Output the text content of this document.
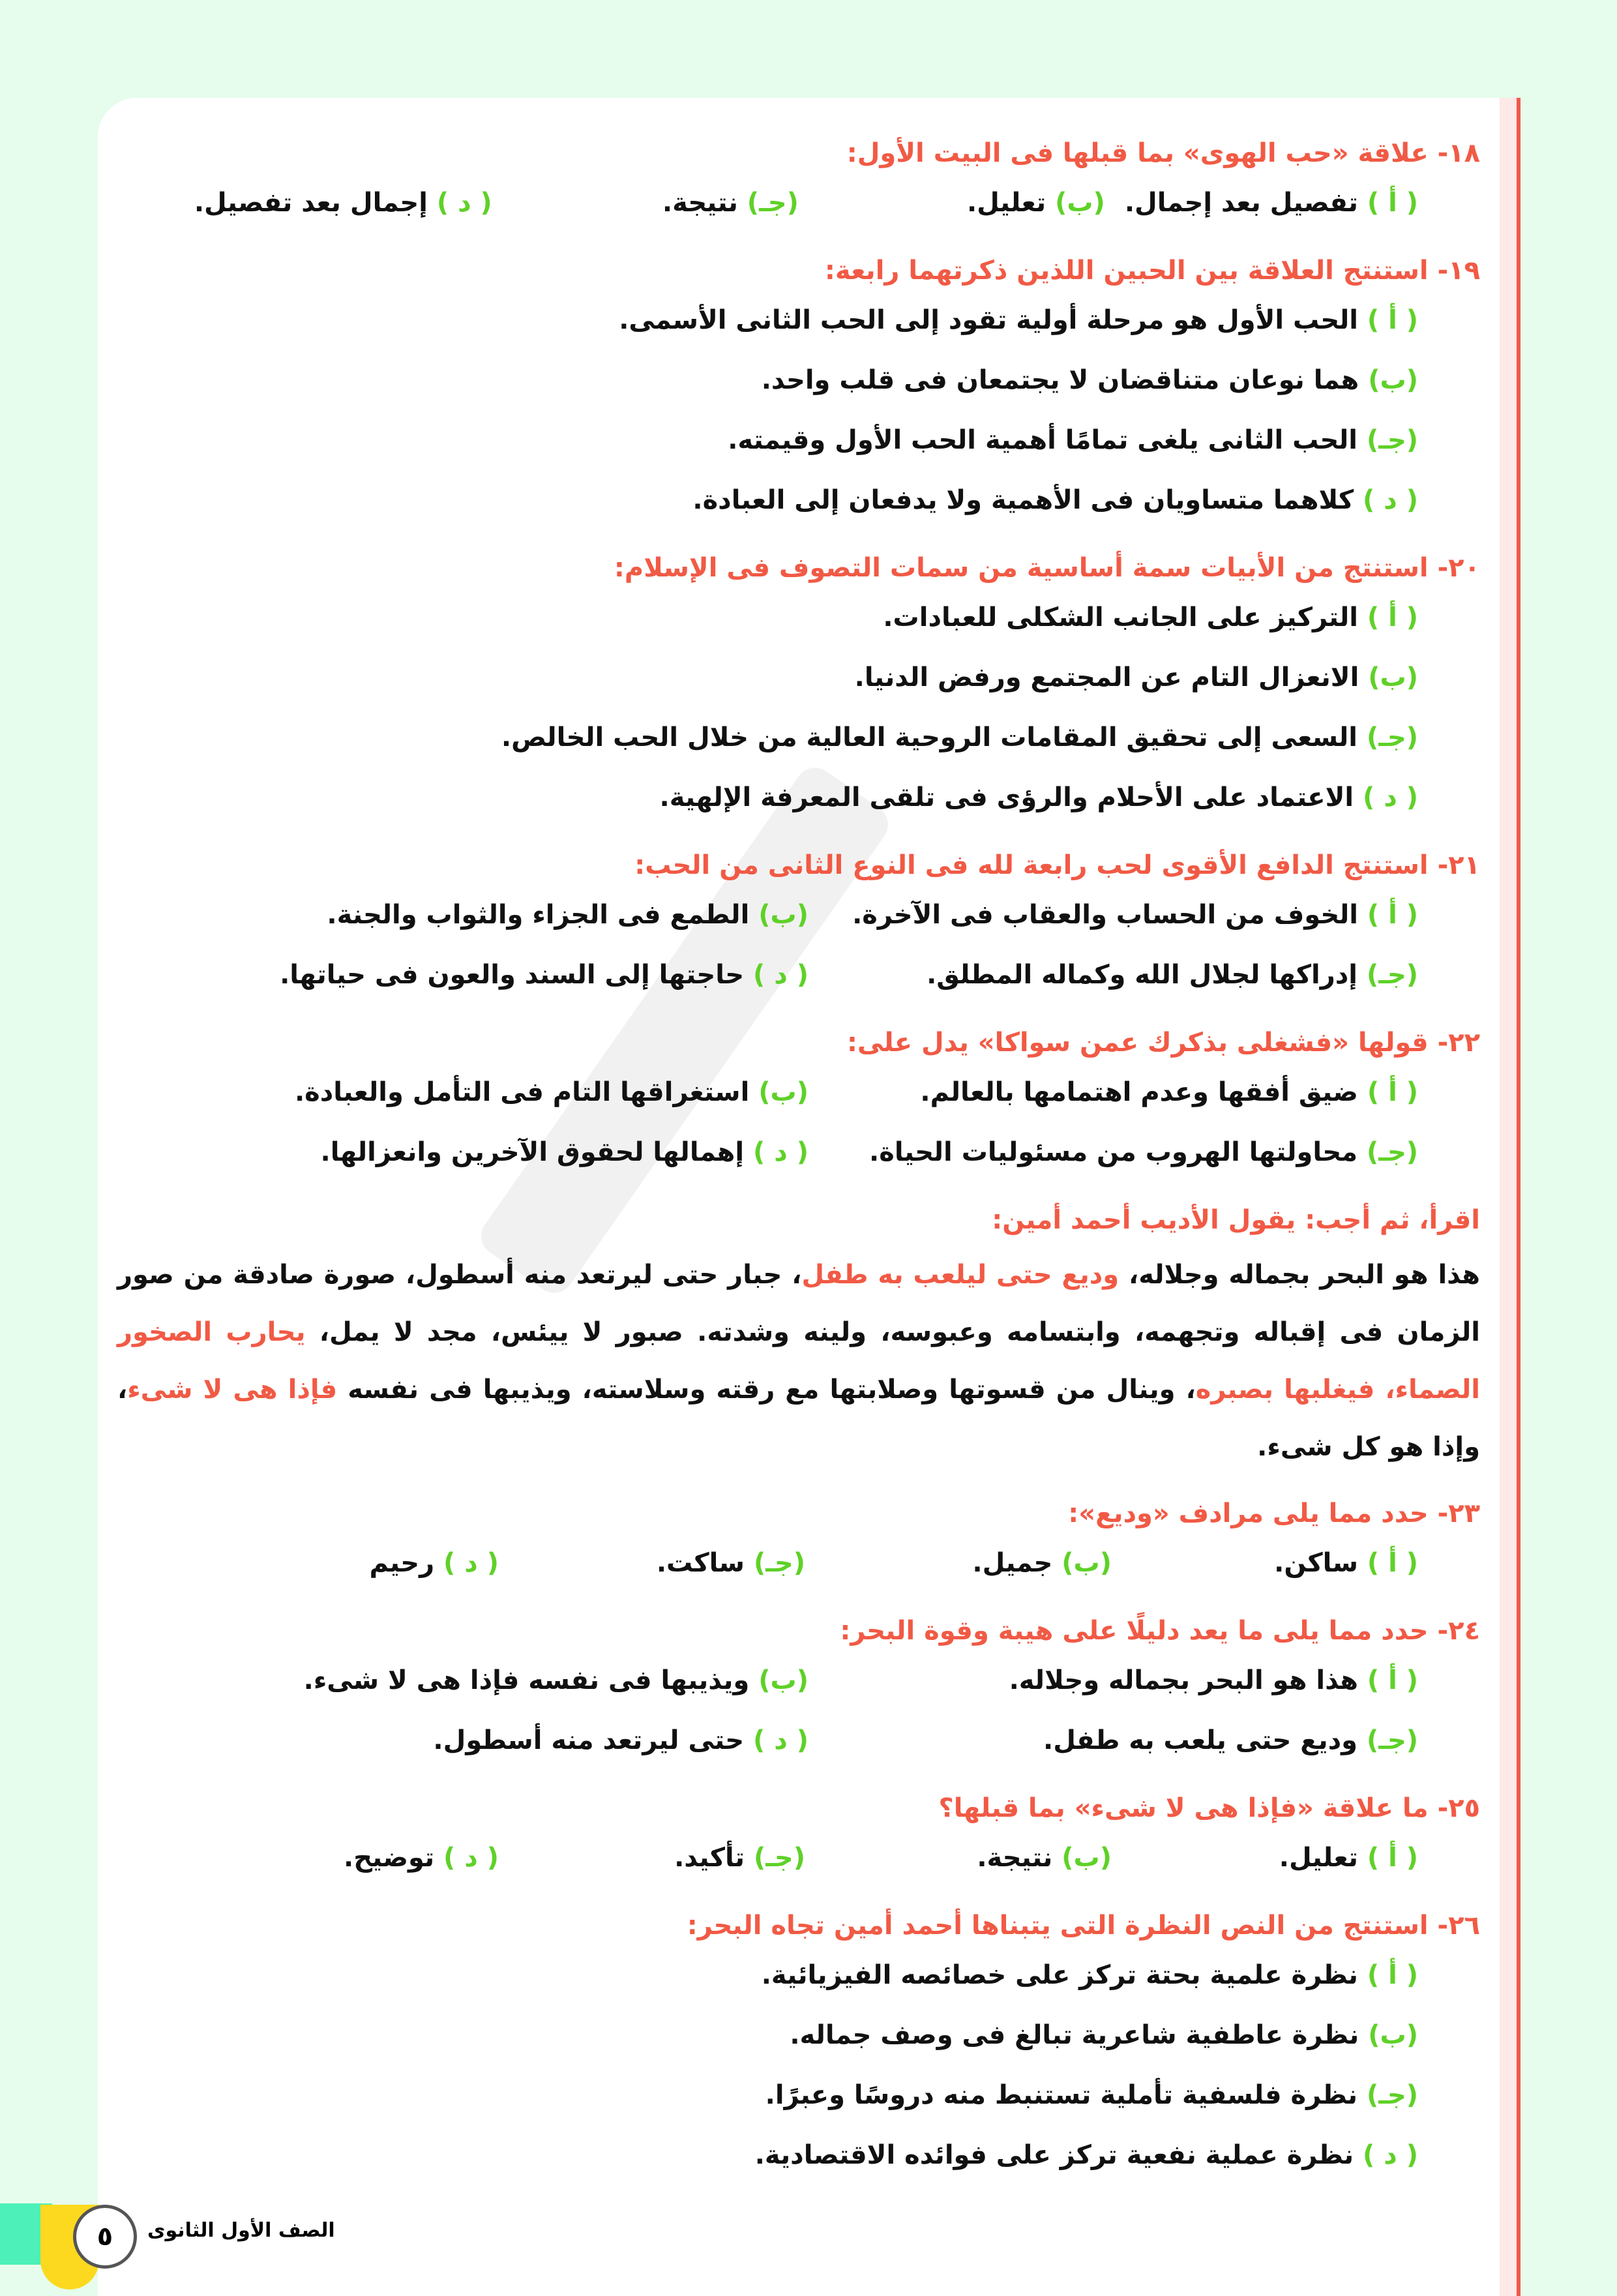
١٨- علاقة «حب الهوى» بما قبلها فى البيت الأول:
( أ ) تفصيل بعد إجمال.
(ب) تعليل.
(جـ) نتيجة.
( د ) إجمال بعد تفصيل.
١٩- استنتج العلاقة بين الحبين اللذين ذكرتهما رابعة:
( أ ) الحب الأول هو مرحلة أولية تقود إلى الحب الثانى الأسمى.
(ب) هما نوعان متناقضان لا يجتمعان فى قلب واحد.
(جـ) الحب الثانى يلغى تمامًا أهمية الحب الأول وقيمته.
( د ) كلاهما متساويان فى الأهمية ولا يدفعان إلى العبادة.
٢٠- استنتج من الأبيات سمة أساسية من سمات التصوف فى الإسلام:
( أ ) التركيز على الجانب الشكلى للعبادات.
(ب) الانعزال التام عن المجتمع ورفض الدنيا.
(جـ) السعى إلى تحقيق المقامات الروحية العالية من خلال الحب الخالص.
( د ) الاعتماد على الأحلام والرؤى فى تلقى المعرفة الإلهية.
٢١- استنتج الدافع الأقوى لحب رابعة لله فى النوع الثانى من الحب:
( أ ) الخوف من الحساب والعقاب فى الآخرة.
(ب) الطمع فى الجزاء والثواب والجنة.
(جـ) إدراكها لجلال الله وكماله المطلق.
( د ) حاجتها إلى السند والعون فى حياتها.
٢٢- قولها «فشغلى بذكرك عمن سواكا» يدل على:
( أ ) ضيق أفقها وعدم اهتمامها بالعالم.
(ب) استغراقها التام فى التأمل والعبادة.
(جـ) محاولتها الهروب من مسئوليات الحياة.
( د ) إهمالها لحقوق الآخرين وانعزالها.
اقرأ، ثم أجب: يقول الأديب أحمد أمين:
هذا هو البحر بجماله وجلاله، وديع حتى ليلعب به طفل، جبار حتى ليرتعد منه أسطول، صورة صادقة من صور الزمان فى إقباله وتجهمه، وابتسامه وعبوسه، ولينه وشدته. صبور لا ييئس، مجد لا يمل، يحارب الصخور الصماء، فيغلبها بصبره، وينال من قسوتها وصلابتها مع رقته وسلاسته، ويذيبها فى نفسه فإذا هى لا شىء، وإذا هو كل شىء.
٢٣- حدد مما يلى مرادف «وديع»:
( أ ) ساكن.
(ب) جميل.
(جـ) ساكت.
( د ) رحيم
٢٤- حدد مما يلى ما يعد دليلًا على هيبة وقوة البحر:
( أ ) هذا هو البحر بجماله وجلاله.
(ب) ويذيبها فى نفسه فإذا هى لا شىء.
(جـ) وديع حتى يلعب به طفل.
( د ) حتى ليرتعد منه أسطول.
٢٥- ما علاقة «فإذا هى لا شىء» بما قبلها؟
( أ ) تعليل.
(ب) نتيجة.
(جـ) تأكيد.
( د ) توضيح.
٢٦- استنتج من النص النظرة التى يتبناها أحمد أمين تجاه البحر:
( أ ) نظرة علمية بحتة تركز على خصائصه الفيزيائية.
(ب) نظرة عاطفية شاعرية تبالغ فى وصف جماله.
(جـ) نظرة فلسفية تأملية تستنبط منه دروسًا وعبرًا.
( د ) نظرة عملية نفعية تركز على فوائده الاقتصادية.
٥	الصف الأول الثانوى
